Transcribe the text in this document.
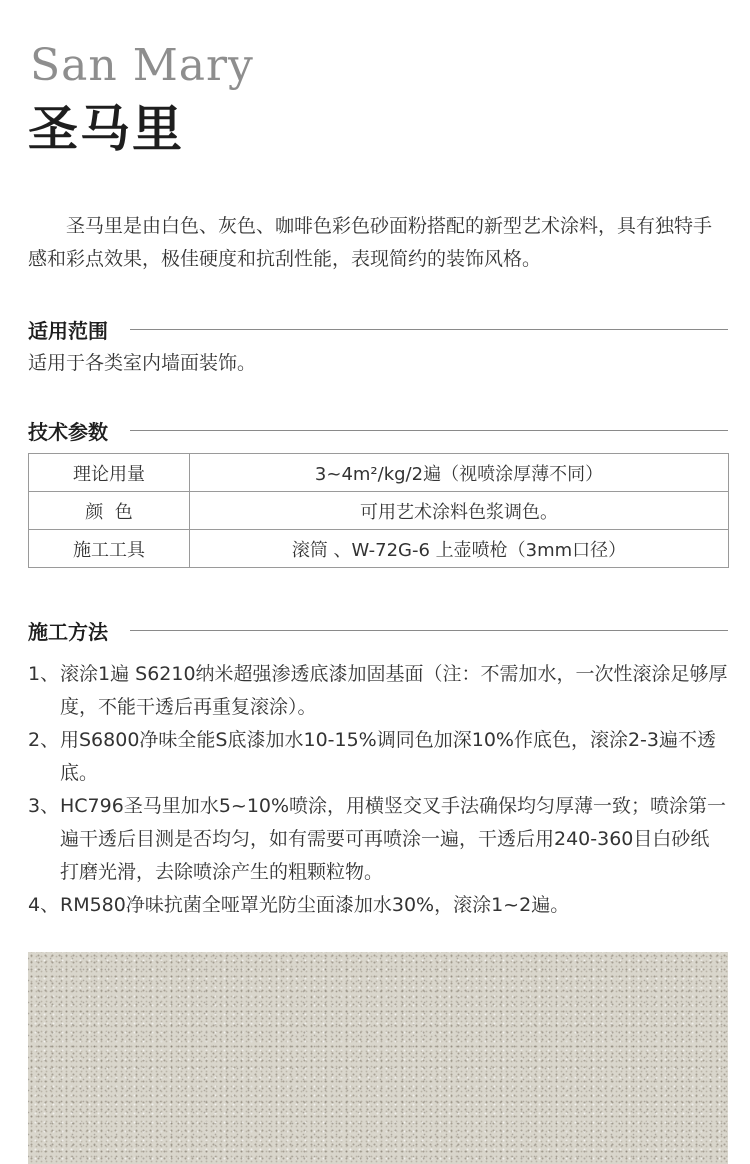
San Mary
圣马里

圣马里是由白色、灰色、咖啡色彩色砂面粉搭配的新型艺术涂料，具有独特手感和彩点效果，极佳硬度和抗刮性能，表现简约的装饰风格。

适用范围
适用于各类室内墙面装饰。
技术参数
理论用量	3~4m²/kg/2遍（视喷涂厚薄不同）
颜  色	可用艺术涂料色浆调色。
施工工具	滚筒 、W-72G-6 上壶喷枪（3mm口径）
施工方法
1、 滚涂1遍 S6210纳米超强渗透底漆加固基面（注：不需加水，一次性滚涂足够厚度，不能干透后再重复滚涂）。
2、 用S6800净味全能S底漆加水10-15%调同色加深10%作底色，滚涂2-3遍不透底。
3、 HC796圣马里加水5~10%喷涂，用横竖交叉手法确保均匀厚薄一致；喷涂第一遍干透后目测是否均匀，如有需要可再喷涂一遍，干透后用240-360目白砂纸打磨光滑，去除喷涂产生的粗颗粒物。
4、 RM580净味抗菌全哑罩光防尘面漆加水30%，滚涂1~2遍。
